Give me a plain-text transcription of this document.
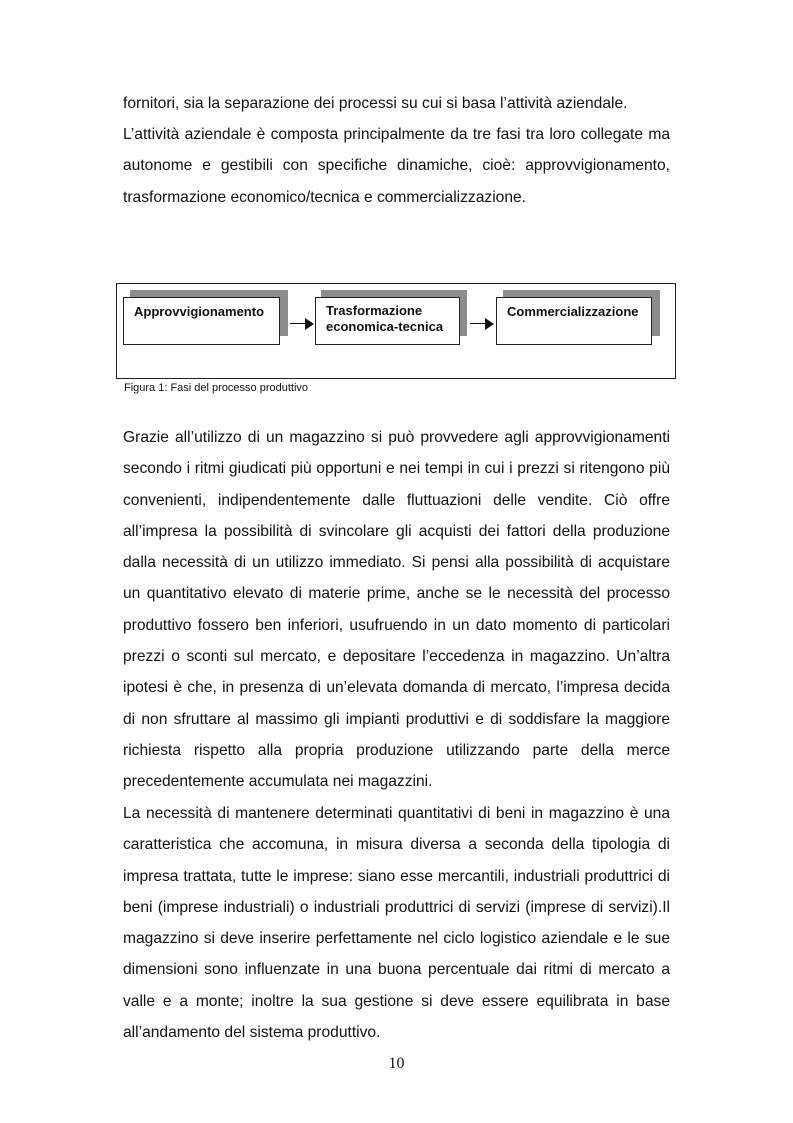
fornitori, sia la separazione dei processi su cui si basa l’attività aziendale.

L’attività aziendale è composta principalmente da tre fasi tra loro collegate ma autonome e gestibili con specifiche dinamiche, cioè: approvvigionamento, trasformazione economico/tecnica e commercializzazione.

Approvvigionamento	Trasformazione
economica-tecnica
Commercializzazione
Figura 1: Fasi del processo produttivo

Grazie all’utilizzo di un magazzino si può provvedere agli approvvigionamenti secondo i ritmi giudicati più opportuni e nei tempi in cui i prezzi si ritengono più convenienti, indipendentemente dalle fluttuazioni delle vendite. Ciò offre all’impresa la possibilità di svincolare gli acquisti dei fattori della produzione dalla necessità di un utilizzo immediato. Si pensi alla possibilità di acquistare un quantitativo elevato di materie prime, anche se le necessità del processo produttivo fossero ben inferiori, usufruendo in un dato momento di particolari prezzi o sconti sul mercato, e depositare l’eccedenza in magazzino. Un’altra ipotesi è che, in presenza di un’elevata domanda di mercato, l’impresa decida di non sfruttare al massimo gli impianti produttivi e di soddisfare la maggiore richiesta rispetto alla propria produzione utilizzando parte della merce precedentemente accumulata nei magazzini.

La necessità di mantenere determinati quantitativi di beni in magazzino è una caratteristica che accomuna, in misura diversa a seconda della tipologia di impresa trattata, tutte le imprese: siano esse mercantili, industriali produttrici di beni (imprese industriali) o industriali produttrici di servizi (imprese di servizi).Il magazzino si deve inserire perfettamente nel ciclo logistico aziendale e le sue dimensioni sono influenzate in una buona percentuale dai ritmi di mercato a valle e a monte; inoltre la sua gestione si deve essere equilibrata in base all’andamento del sistema produttivo.

10
